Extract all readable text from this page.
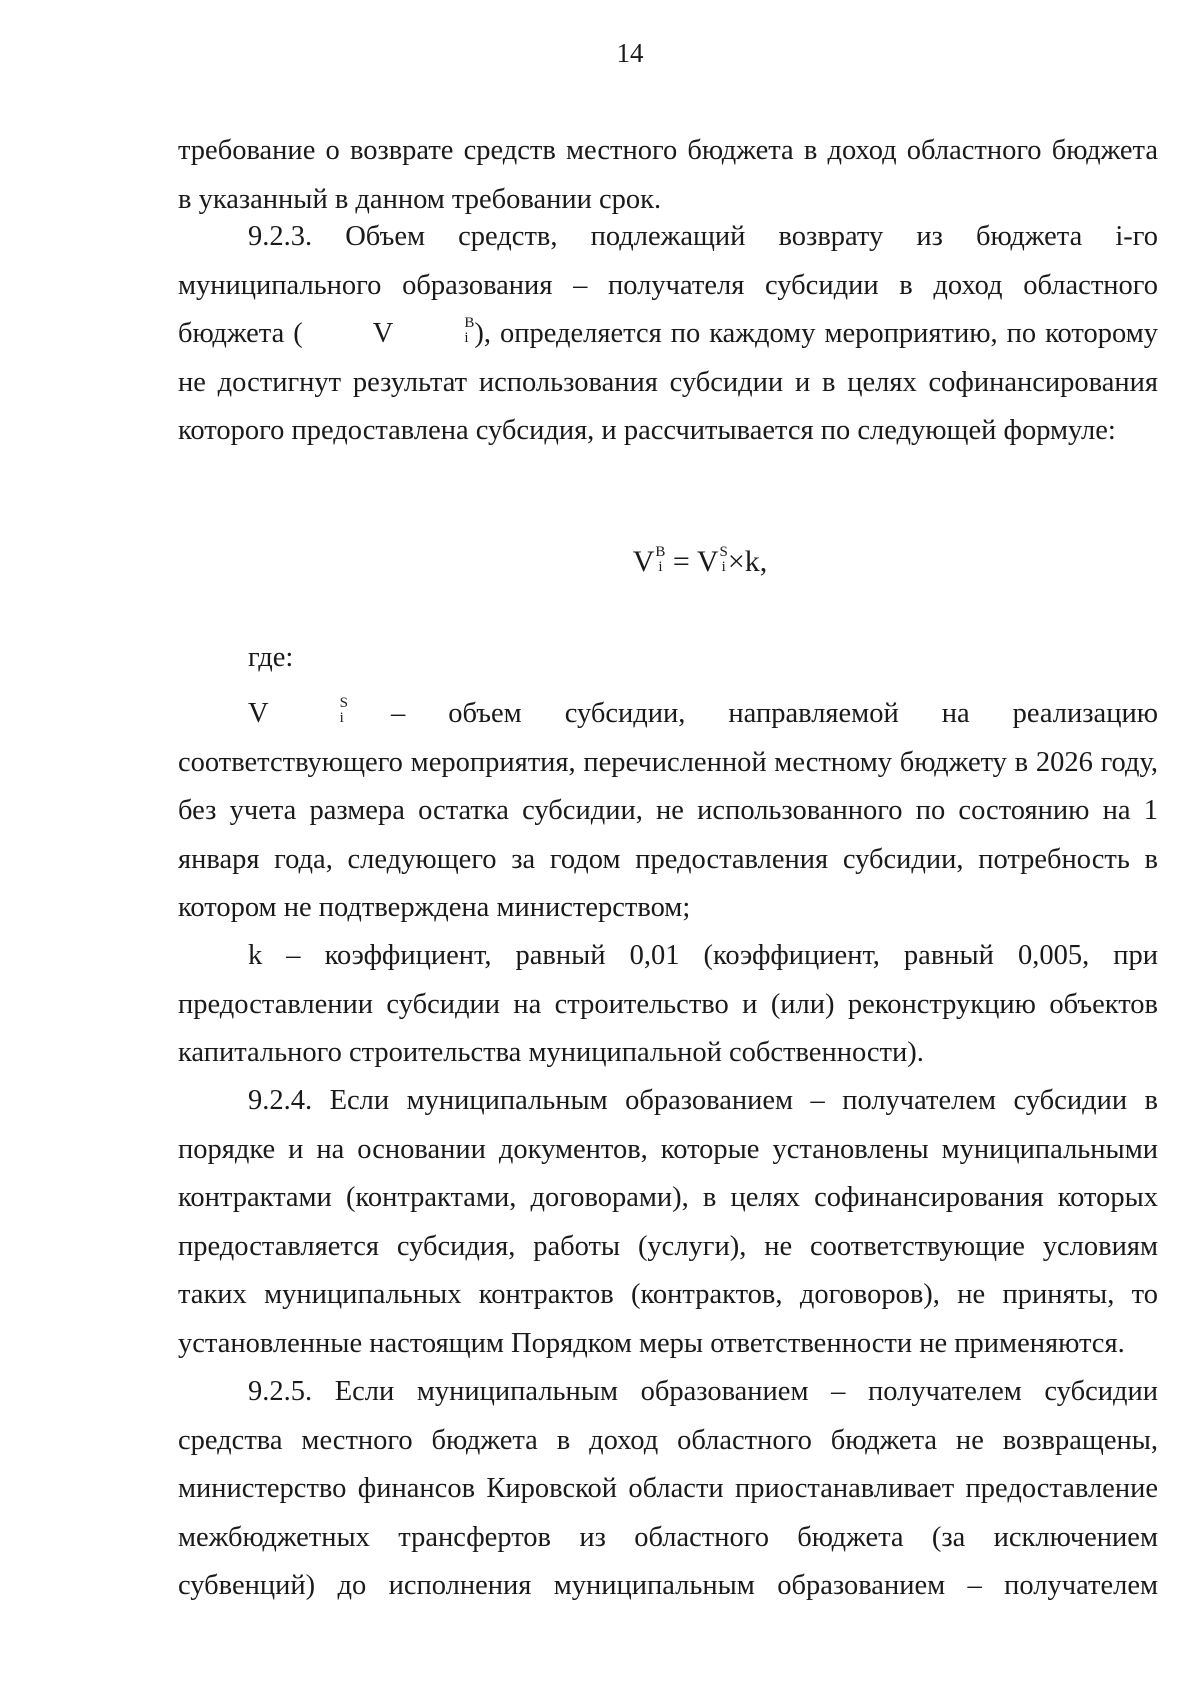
14
требование о возврате средств местного бюджета в доход областного бюджета
в указанный в данном требовании срок.
9.2.3. Объем средств, подлежащий возврату из бюджета i-го муниципального образования – получателя субсидии в доход областного бюджета ( V	В
i ), определяется по каждому мероприятию, по которому не достигнут результат использования субсидии и в целях софинансирования которого предоставлена субсидия, и рассчитывается по следующей формуле:
V В
i = V S
i ×k,
где:
V	S
i – объем субсидии, направляемой на реализацию соответствующего мероприятия, перечисленной местному бюджету в 2026 году, без учета размера остатка субсидии, не использованного по состоянию на 1 января года, следующего за годом предоставления субсидии, потребность в котором не подтверждена министерством;
k – коэффициент, равный 0,01 (коэффициент, равный 0,005, при предоставлении субсидии на строительство и (или) реконструкцию объектов капитального строительства муниципальной собственности).
9.2.4. Если муниципальным образованием – получателем субсидии в порядке и на основании документов, которые установлены муниципальными контрактами (контрактами, договорами), в целях софинансирования которых предоставляется субсидия, работы (услуги), не соответствующие условиям таких муниципальных контрактов (контрактов, договоров), не приняты, то установленные настоящим Порядком меры ответственности не применяются.
9.2.5. Если муниципальным образованием – получателем субсидии средства местного бюджета в доход областного бюджета не возвращены, министерство финансов Кировской области приостанавливает предоставление межбюджетных трансфертов из областного бюджета (за исключением субвенций) до исполнения муниципальным образованием – получателем
